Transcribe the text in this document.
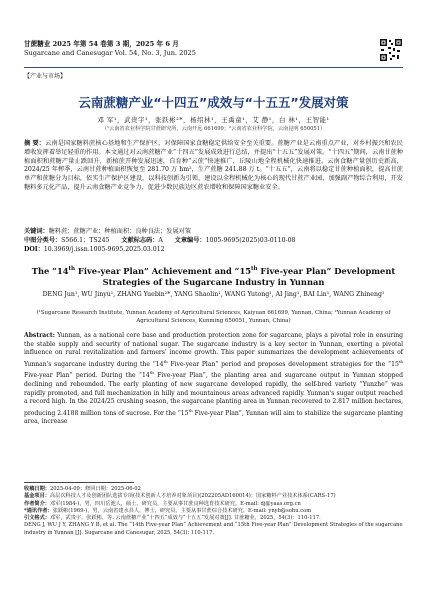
甘蔗糖业 2025 年第 54 卷第 3 期，2025 年 6 月
Sugarcane and Canesugar Vol. 54, No. 3, Jun. 2025
【产业与市场】
云南蔗糖产业“十四五”成效与“十五五”发展对策
邓 军¹，武贵宇¹，张跃彬²*，杨绍林¹，王禹童¹，艾 静¹，白 林¹，王智能¹
（¹云南省农业科学院甘蔗研究所，云南开远 661699；²云南省农业科学院，云南昆明 650051）
摘 要：云南是国家糖料蔗核心基地和生产保护区，对保障国家食糖稳定供给安全至关重要。蔗糖产业是云南重点产业，对乡村振兴和农民增收发挥着举足轻重的作用。本文通过对云南蔗糖产业“十四五”发展成效进行总结，并提出“十五五”发展对策。“十四五”期间，云南甘蔗种植面积和蔗糖产量止跌回升，新植蔗开种发展迅速，自育种“云蔗”快速推广，丘陵山地全程机械化快速推进。云南食糖产量创历史新高，2024/25 年榨季，云南甘蔗种植面积恢复至 281.70 万 hm²，生产蔗糖 241.88 万 t。“十五五”，云南将以稳定甘蔗种植面积，提高甘蔗单产和蔗糖分为目标，依实生产保护区建设，以科技创新为引领，建设以全程机械化为核心的现代甘蔗产业园，加强副产物综合利用，开发糖料多元化产品，提升云南食糖产业竞争力，促进少数民族边区蔗农增收和保障国家糖业安全。
关键词：糖料蔗；蔗糖产业；种植面积；良种良法；发展对策
中图分类号：S566.1；TS245 文献标志码：A 文章编号：1005-9695(2025)03-0110-08
DOI：10.3969/j.issn.1005-9695.2025.03.012
The “14th Five-year Plan” Achievement and “15th Five-year Plan” Development Strategies of the Sugarcane Industry in Yunnan
DENG Jun¹, WU Jinyu¹, ZHANG Yuebin²*, YANG Shaolin¹, WANG Yutong¹, AI Jing¹, BAI Lin¹, WANG Zhineng¹
(¹Sugarcane Research Institute, Yunnan Academy of Agricultural Sciences, Kaiyuan 661699, Yunnan, China; ²Yunnan Academy of Agricultural Sciences, Kunming 650051, Yunnan, China)
Abstract: Yunnan, as a national core base and production protection zone for sugarcane, plays a pivotal role in ensuring the stable supply and security of national sugar. The sugarcane industry is a key sector in Yunnan, exerting a pivotal influence on rural revitalization and farmers' income growth. This paper summarizes the development achievements of Yunnan's sugarcane industry during the “14th Five-year Plan” period and proposes development strategies for the “15th Five-year Plan” period. During the “14th Five-year Plan”, the planting area and sugarcane output in Yunnan stopped declining and rebounded. The early planting of new sugarcane developed rapidly, the self-bred variety “Yunzhe” was rapidly promoted, and full mechanization in hilly and mountainous areas advanced rapidly. Yunnan's sugar output reached a record high. In the 2024/25 crushing season, the sugarcane planting area in Yunnan recovered to 2.817 million hectares, producing 2.4188 million tons of sucrose. For the “15th Five-year Plan”, Yunnan will aim to stabilize the sugarcane planting area, increase
收稿日期：2025-04-09；修回日期：2025-06-02
基金项目：高层次科技人才及创新团队选拔专项(技术创新人才培养对象项目)(202205AD160014)；国家糖料产业技术体系(CARS-17)
作者简介：邓军(1984-)，男，四川岳池人，硕士，研究员，主要从事甘蔗良种选育技术研究。E-mail: dj@yaas.org.cn
*通讯作者：张跃彬(1969-)，男，云南省建水县人，博士，研究员，主要从事甘蔗综合技术研究。E-mail: ynyb@sohu.com
引文格式：邓军，武贵宇，张跃彬，等. 云南蔗糖产业“十四五”成效与“十五五”发展对策[J]. 甘蔗糖业，2025，54(3)：110-117.
DENG J, WU J Y, ZHANG Y B, et al. The “14th Five-year Plan” Achievement and “15th Five-year Plan” Development Strategies of the sugarcane industry in Yunnan [J]. Sugarcane and Canesugar, 2025, 54(3): 110-117.
